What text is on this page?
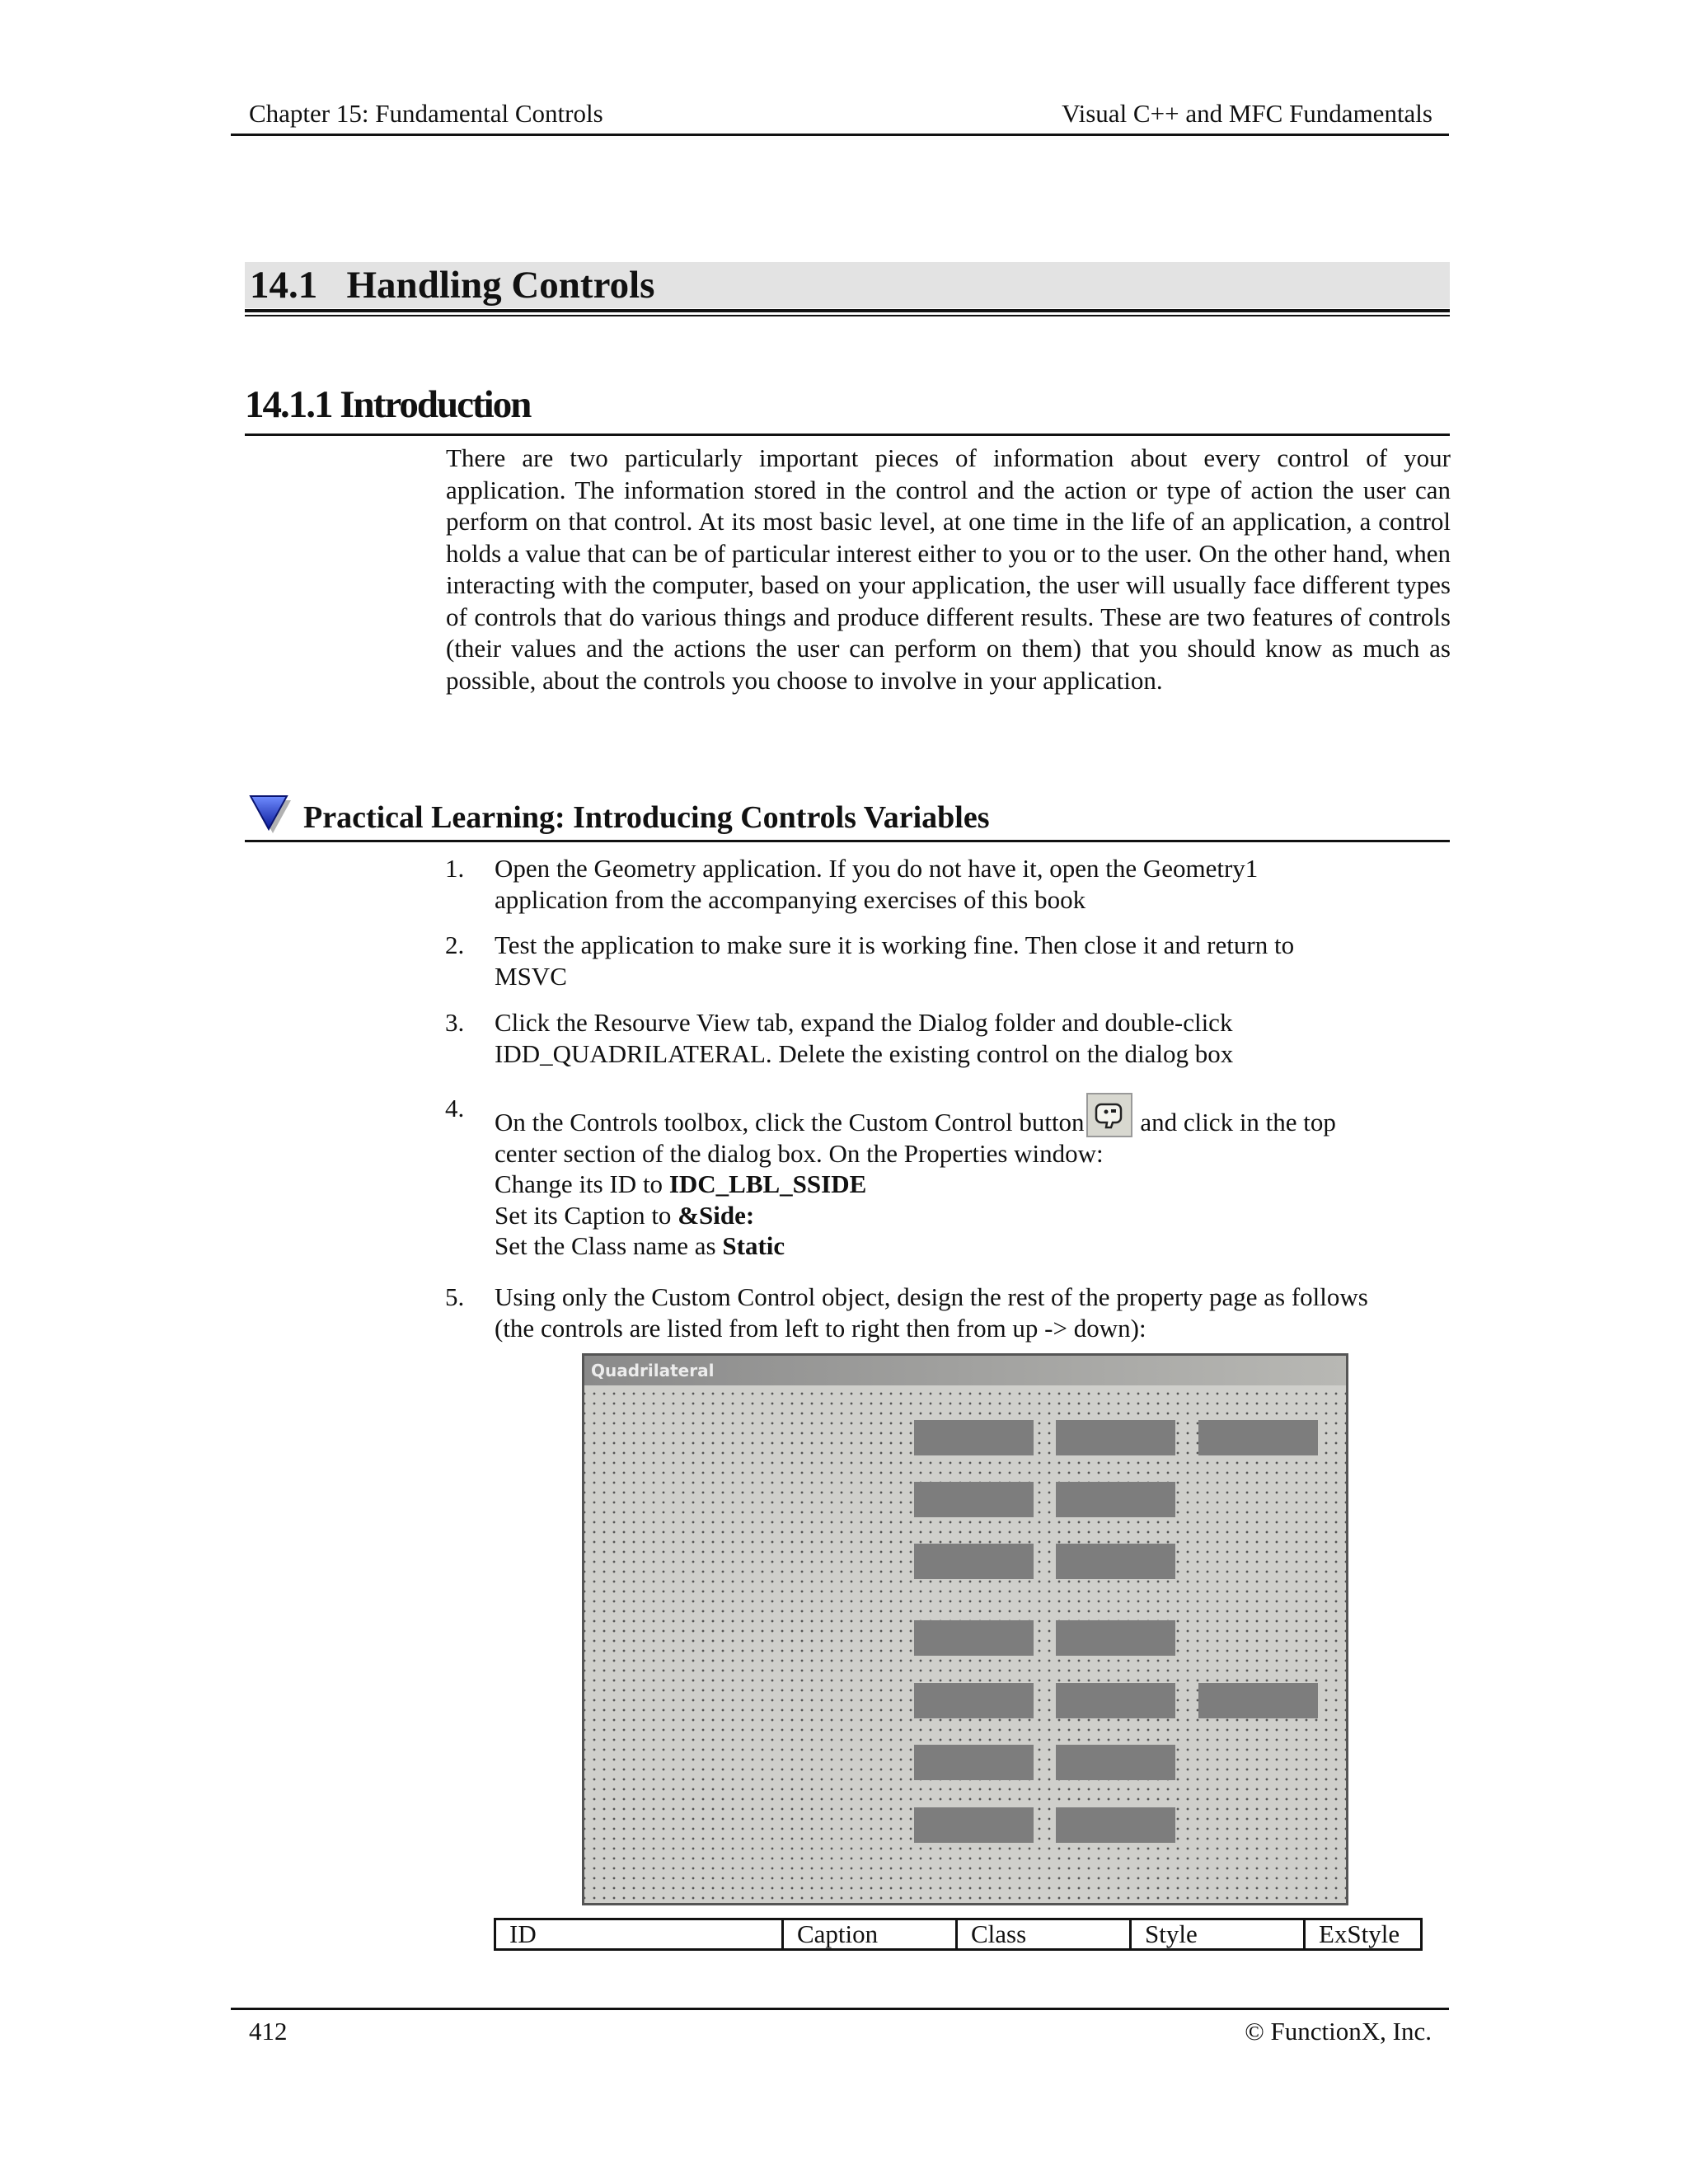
Chapter 15: Fundamental Controls	Visual C++ and MFC Fundamentals
14.1   Handling Controls
14.1.1 Introduction
There are two particularly important pieces of information about every control of your application. The information stored in the control and the action or type of action the user can perform on that control. At its most basic level, at one time in the life of an application, a control holds a value that can be of particular interest either to you or to the user. On the other hand, when interacting with the computer, based on your application, the user will usually face different types of controls that do various things and produce different results. These are two features of controls (their values and the actions the user can perform on them) that you should know as much as possible, about the controls you choose to involve in your application.
Practical Learning: Introducing Controls Variables
1. Open the Geometry application. If you do not have it, open the Geometry1
application from the accompanying exercises of this book
2. Test the application to make sure it is working fine. Then close it and return to
MSVC
3. Click the Resourve View tab, expand the Dialog folder and double-click
IDD_QUADRILATERAL. Delete the existing control on the dialog box
4. On the Controls toolbox, click the Custom Control button and click in the top
center section of the dialog box. On the Properties window:
Change its ID to IDC_LBL_SSIDE
Set its Caption to &Side:
Set the Class name as Static
5. Using only the Custom Control object, design the rest of the property page as follows
(the controls are listed from left to right then from up -> down):
Quadrilateral
ID	Caption	Class	Style	ExStyle
412	© FunctionX, Inc.
